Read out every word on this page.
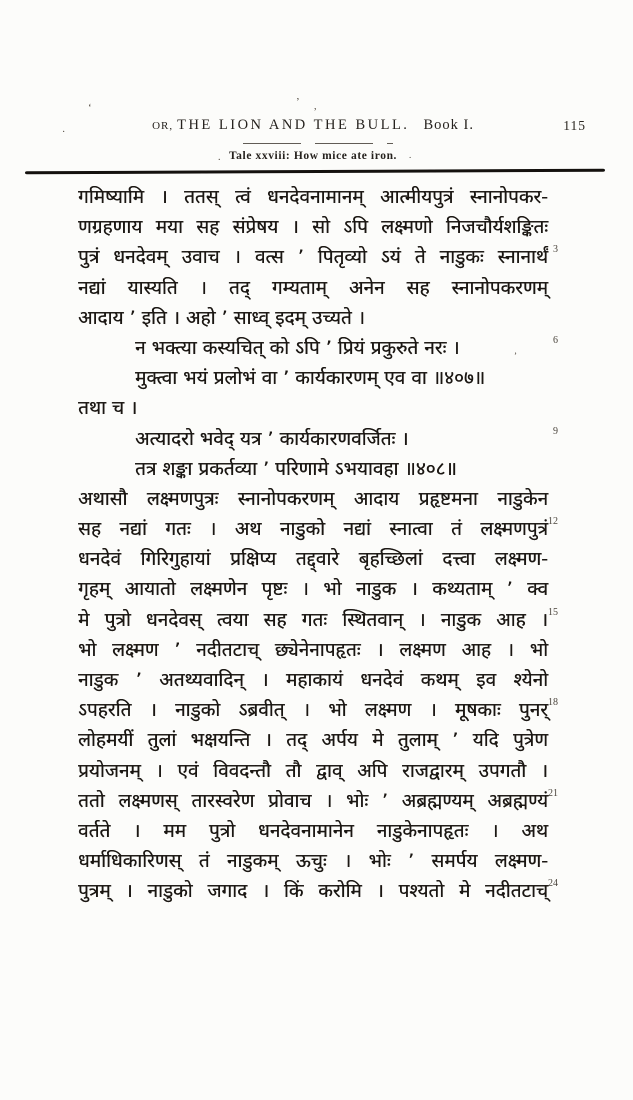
OR, THE LION AND THE BULL. Book I.	115
Tale xxviii: How mice ate iron.
गमिष्यामि । ततस् त्वं धनदेवनामानम् आत्मीयपुत्रं स्नानोपकर-
णग्रहणाय मया सह संप्रेषय । सो ऽपि लक्ष्मणो निजचौर्यशङ्कितः
पुत्रं धनदेवम् उवाच । वत्स ’ पितृव्यो ऽयं ते नाडुकः स्नानार्थं 3
नद्यां यास्यति । तद् गम्यताम् अनेन सह स्नानोपकरणम्
आदाय ’ इति । अहो ’ साध्व् इदम् उच्यते ।
न भक्त्या कस्यचित् को ऽपि ’ प्रियं प्रकुरुते नरः ।	6
मुक्त्वा भयं प्रलोभं वा ’ कार्यकारणम् एव वा ॥४०७॥
तथा च ।
अत्यादरो भवेद् यत्र ’ कार्यकारणवर्जितः ।	9
तत्र शङ्का प्रकर्तव्या ’ परिणामे ऽभयावहा ॥४०८॥
अथासौ लक्ष्मणपुत्रः स्नानोपकरणम् आदाय प्रहृष्टमना नाडुकेन
सह नद्यां गतः । अथ नाडुको नद्यां स्नात्वा तं लक्ष्मणपुत्रं 12
धनदेवं गिरिगुहायां प्रक्षिप्य तद्द्वारे बृहच्छिलां दत्त्वा लक्ष्मण-
गृहम् आयातो लक्ष्मणेन पृष्टः । भो नाडुक । कथ्यताम् ’ क्व
मे पुत्रो धनदेवस् त्वया सह गतः स्थितवान् । नाडुक आह । 15
भो लक्ष्मण ’ नदीतटाच् छ्येनेनापहृतः । लक्ष्मण आह । भो
नाडुक ’ अतथ्यवादिन् । महाकायं धनदेवं कथम् इव श्येनो
ऽपहरति । नाडुको ऽब्रवीत् । भो लक्ष्मण । मूषकाः पुनर् 18
लोहमयीं तुलां भक्षयन्ति । तद् अर्पय मे तुलाम् ’ यदि पुत्रेण
प्रयोजनम् । एवं विवदन्तौ तौ द्वाव् अपि राजद्वारम् उपगतौ ।
ततो लक्ष्मणस् तारस्वरेण प्रोवाच । भोः ’ अब्रह्मण्यम् अब्रह्मण्यं 21
वर्तते । मम पुत्रो धनदेवनामानेन नाडुकेनापहृतः । अथ
धर्माधिकारिणस् तं नाडुकम् ऊचुः । भोः ’ समर्पय लक्ष्मण-
पुत्रम् । नाडुको जगाद । किं करोमि । पश्यतो मे नदीतटाच् 24
‘
·
’ ,
.	.
’
